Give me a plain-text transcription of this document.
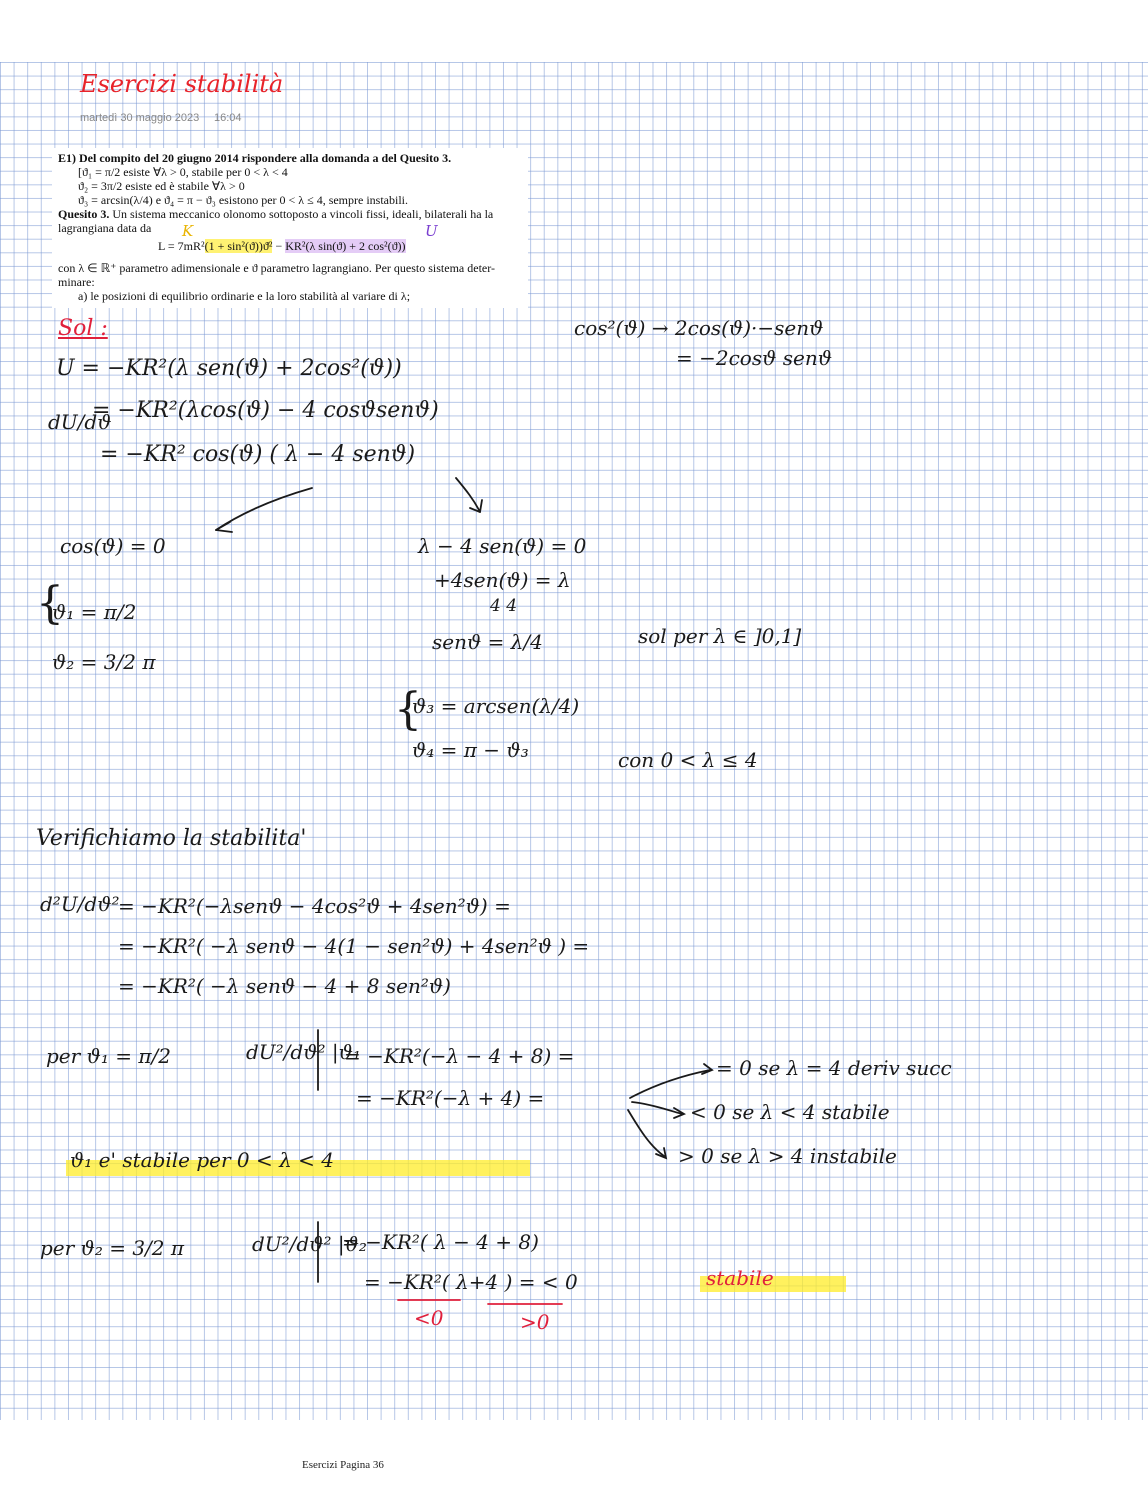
Esercizi stabilità
martedì 30 maggio 2023 16:04
E1) Del compito del 20 giugno 2014 rispondere alla domanda a del Quesito 3.
[ϑ₁ = π/2 esiste ∀λ > 0, stabile per 0 < λ < 4
ϑ₂ = 3π/2 esiste ed è stabile ∀λ > 0
ϑ₃ = arcsin(λ/4) e ϑ₄ = π − ϑ₃ esistono per 0 < λ ≤ 4, sempre instabili.
Quesito 3. Un sistema meccanico olonomo sottoposto a vincoli fissi, ideali, bilaterali ha la
lagrangiana data da
L = 7mR²(1 + sin²(ϑ))ϑ̇² − KR²(λ sin(ϑ) + 2 cos²(ϑ))
con λ ∈ ℝ⁺ parametro adimensionale e ϑ parametro lagrangiano. Per questo sistema deter-
minare:
a) le posizioni di equilibrio ordinarie e la loro stabilità al variare di λ;
K	U
Sol :	cos²(ϑ) → 2cos(ϑ)·−senϑ
= −2cosϑ senϑ
U = −KR²(λ sen(ϑ) + 2cos²(ϑ))
dU/dϑ
= −KR²(λcos(ϑ) − 4 cosϑsenϑ)
= −KR² cos(ϑ) ( λ − 4 senϑ)
cos(ϑ) = 0
{
ϑ₁ = π/2
ϑ₂ = 3/2 π
λ − 4 sen(ϑ) = 0
+4sen(ϑ) = λ
4 4
senϑ = λ/4	sol per λ ∈ ]0,1]
{
ϑ₃ = arcsen(λ/4)
ϑ₄ = π − ϑ₃	con 0 < λ ≤ 4
Verifichiamo la stabilita'
d²U/dϑ²
= −KR²(−λsenϑ − 4cos²ϑ + 4sen²ϑ) =
= −KR²( −λ senϑ − 4(1 − sen²ϑ) + 4sen²ϑ ) =
= −KR²( −λ senϑ − 4 + 8 sen²ϑ)
per ϑ₁ = π/2	dU²/dϑ² |ϑ₁
= −KR²(−λ − 4 + 8) =
= −KR²(−λ + 4) =
= 0 se λ = 4 deriv succ
< 0 se λ < 4 stabile
> 0 se λ > 4 instabile
ϑ₁ e' stabile per 0 < λ < 4
per ϑ₂ = 3/2 π	dU²/dϑ² |ϑ₂
= −KR²( λ − 4 + 8)
= −KR²( λ+4 ) = < 0	stabile
<0	>0
Esercizi Pagina 36
